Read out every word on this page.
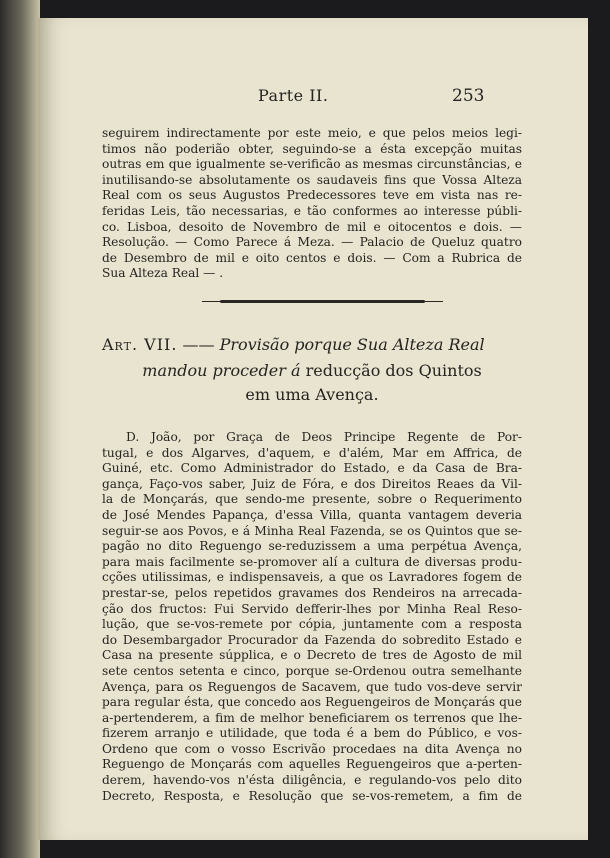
Parte II.	253
seguirem indirectamente por este meio, e que pelos meios legi-
timos não poderião obter, seguindo-se a ésta excepção muitas
outras em que igualmente se-verificão as mesmas circunstâncias, e
inutilisando-se absolutamente os saudaveis fins que Vossa Alteza
Real com os seus Augustos Predecessores teve em vista nas re-
feridas Leis, tão necessarias, e tão conformes ao interesse públi-
co. Lisboa, desoito de Novembro de mil e oitocentos e dois. —
Resolução. — Como Parece á Meza. — Palacio de Queluz quatro
de Desembro de mil e oito centos e dois. — Com a Rubrica de
Sua Alteza Real — .
Art. VII. —— Provisão porque Sua Alteza Real
mandou proceder á reducção dos Quintos
em uma Avença.
D. João, por Graça de Deos Principe Regente de Por-
tugal, e dos Algarves, d'aquem, e d'além, Mar em Affrica, de
Guiné, etc. Como Administrador do Estado, e da Casa de Bra-
gança, Faço-vos saber, Juiz de Fóra, e dos Direitos Reaes da Vil-
la de Monçarás, que sendo-me presente, sobre o Requerimento
de José Mendes Papança, d'essa Villa, quanta vantagem deveria
seguir-se aos Povos, e á Minha Real Fazenda, se os Quintos que se-
pagão no dito Reguengo se-reduzissem a uma perpétua Avença,
para mais facilmente se-promover alí a cultura de diversas produ-
cções utilissimas, e indispensaveis, a que os Lavradores fogem de
prestar-se, pelos repetidos gravames dos Rendeiros na arrecada-
ção dos fructos: Fui Servido defferir-lhes por Minha Real Reso-
lução, que se-vos-remete por cópia, juntamente com a resposta
do Desembargador Procurador da Fazenda do sobredito Estado e
Casa na presente súpplica, e o Decreto de tres de Agosto de mil
sete centos setenta e cinco, porque se-Ordenou outra semelhante
Avença, para os Reguengos de Sacavem, que tudo vos-deve servir
para regular ésta, que concedo aos Reguengeiros de Monçarás que
a-pertenderem, a fim de melhor beneficiarem os terrenos que lhe-
fizerem arranjo e utilidade, que toda é a bem do Público, e vos-
Ordeno que com o vosso Escrivão procedaes na dita Avença no
Reguengo de Monçarás com aquelles Reguengeiros que a-perten-
derem, havendo-vos n'ésta diligência, e regulando-vos pelo dito
Decreto, Resposta, e Resolução que se-vos-remetem, a fim de
